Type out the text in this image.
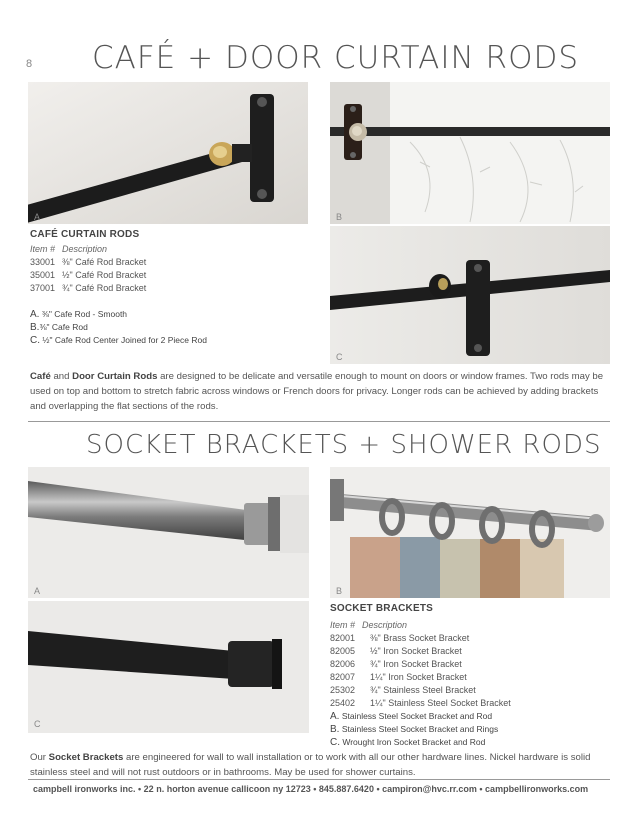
8 CAFÉ + DOOR CURTAIN RODS
A	B
CAFÉ CURTAIN RODS
Item # Description
33001 ⅜" Café Rod Bracket
35001 ½" Café Rod Bracket
37001 ¾" Café Rod Bracket
A. ⅜" Cafe Rod - Smooth
B.⅜" Cafe Rod
C. ½" Cafe Rod Center Joined for 2 Piece Rod
C
Café and Door Curtain Rods are designed to be delicate and versatile enough to mount on doors or window frames. Two rods may be used on top and bottom to stretch fabric across windows or French doors for privacy. Longer rods can be achieved by adding brackets and overlapping the flat sections of the rods.
SOCKET BRACKETS + SHOWER RODS
A	B
C
SOCKET BRACKETS
Item # Description
82001 ⅜" Brass Socket Bracket
82005 ½" Iron Socket Bracket
82006 ¾" Iron Socket Bracket
82007 1¼" Iron Socket Bracket
25302 ¾" Stainless Steel Bracket
25402 1¼" Stainless Steel Socket Bracket
A. Stainless Steel Socket Bracket and Rod
B. Stainless Steel Socket Bracket and Rings
C. Wrought Iron Socket Bracket and Rod
Our Socket Brackets are engineered for wall to wall installation or to work with all our other hardware lines. Nickel hardware is solid stainless steel and will not rust outdoors or in bathrooms. May be used for shower curtains.
campbell ironworks inc. • 22 n. horton avenue callicoon ny 12723 • 845.887.6420 • campiron@hvc.rr.com • campbellironworks.com
